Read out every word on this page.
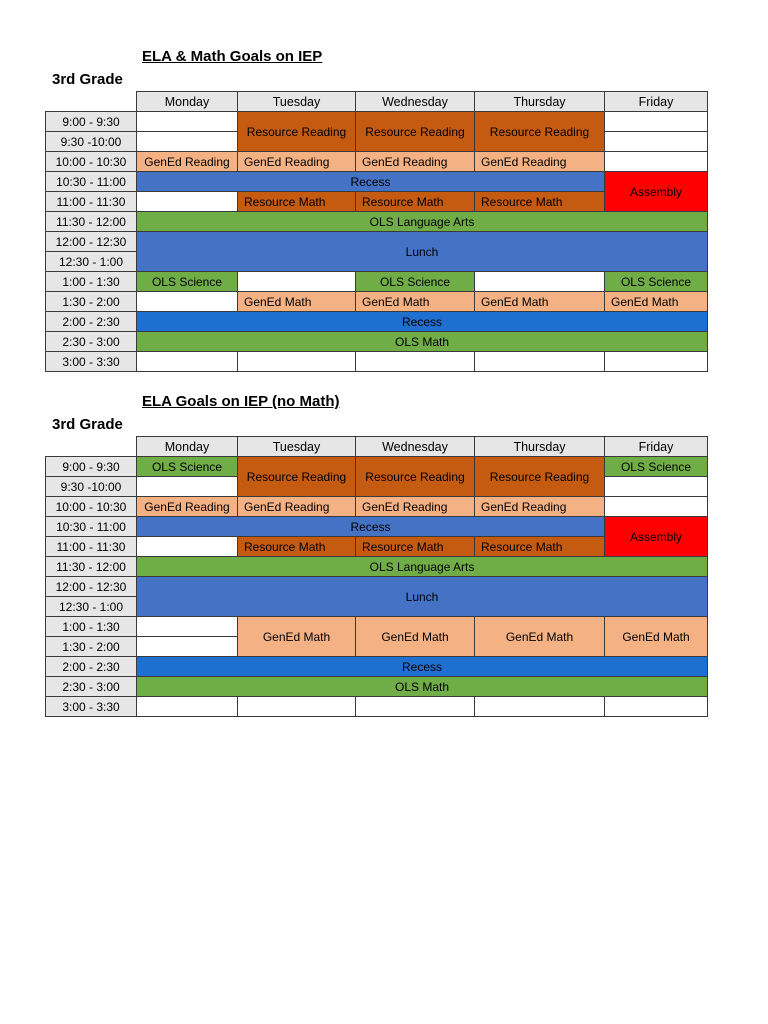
ELA & Math Goals on IEP
3rd Grade
	Monday	Tuesday	Wednesday	Thursday	Friday
9:00 - 9:30		Resource Reading	Resource Reading	Resource Reading	
9:30 -10:00					
10:00 - 10:30	GenEd Reading	GenEd Reading	GenEd Reading	GenEd Reading	
10:30 - 11:00	Recess				Assembly
11:00 - 11:30		Resource Math	Resource Math	Resource Math	
11:30 - 12:00	OLS Language Arts				
12:00 - 12:30	Lunch				
12:30 - 1:00					
1:00 - 1:30	OLS Science		OLS Science		OLS Science
1:30 - 2:00		GenEd Math	GenEd Math	GenEd Math	GenEd Math
2:00 - 2:30	Recess				
2:30 - 3:00	OLS Math				
3:00 - 3:30					
ELA Goals on IEP (no Math)
3rd Grade
	Monday	Tuesday	Wednesday	Thursday	Friday
9:00 - 9:30	OLS Science	Resource Reading	Resource Reading	Resource Reading	OLS Science
9:30 -10:00					
10:00 - 10:30	GenEd Reading	GenEd Reading	GenEd Reading	GenEd Reading	
10:30 - 11:00	Recess				Assembly
11:00 - 11:30		Resource Math	Resource Math	Resource Math	
11:30 - 12:00	OLS Language Arts				
12:00 - 12:30	Lunch				
12:30 - 1:00					
1:00 - 1:30		GenEd Math	GenEd Math	GenEd Math	GenEd Math
1:30 - 2:00					
2:00 - 2:30	Recess				
2:30 - 3:00	OLS Math				
3:00 - 3:30					
